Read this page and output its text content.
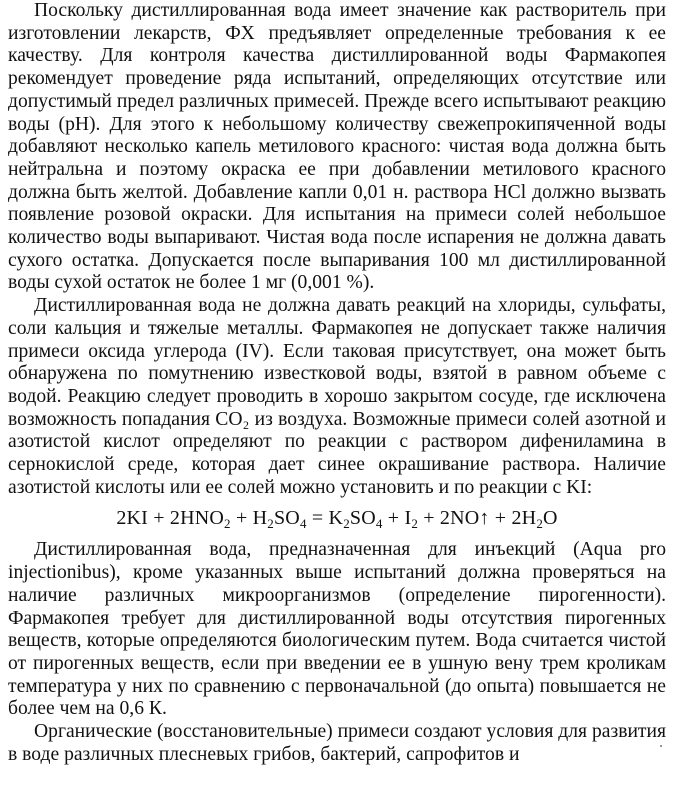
Поскольку дистиллированная вода имеет значение как растворитель при изготовлении лекарств, ФХ предъявляет определенные требования к ее качеству. Для контроля качества дистиллированной воды Фармакопея рекомендует проведение ряда испытаний, определяющих отсутствие или допустимый предел различных примесей. Прежде всего испытывают реакцию воды (pH). Для этого к небольшому количеству свежепрокипяченной воды добавляют несколько капель метилового красного: чистая вода должна быть нейтральна и поэтому окраска ее при добавлении метилового красного должна быть желтой. Добавление капли 0,01 н. раствора HCl должно вызвать появление розовой окраски. Для испытания на примеси солей небольшое количество воды выпаривают. Чистая вода после испарения не должна давать сухого остатка. Допускается после выпаривания 100 мл дистиллированной воды сухой остаток не более 1 мг (0,001 %).

Дистиллированная вода не должна давать реакций на хлориды, сульфаты, соли кальция и тяжелые металлы. Фармакопея не допускает также наличия примеси оксида углерода (IV). Если таковая присутствует, она может быть обнаружена по помутнению известковой воды, взятой в равном объеме с водой. Реакцию следует проводить в хорошо закрытом сосуде, где исключена возможность попадания CO₂ из воздуха. Возможные примеси солей азотной и азотистой кислот определяют по реакции с раствором дифениламина в сернокислой среде, которая дает синее окрашивание раствора. Наличие азотистой кислоты или ее солей можно установить и по реакции с KI:

$2KI + 2HNO_2 + H_2SO_4 = K_2SO_4 + I_2$ + 2NO↑ + $2H_2O$

Дистиллированная вода, предназначенная для инъекций (Aqua pro injectionibus), кроме указанных выше испытаний должна проверяться на наличие различных микроорганизмов (определение пирогенности). Фармакопея требует для дистиллированной воды отсутствия пирогенных веществ, которые определяются биологическим путем. Вода считается чистой от пирогенных веществ, если при введении ее в ушную вену трем кроликам температура у них по сравнению с первоначальной (до опыта) повышается не более чем на 0,6 К.

Органические (восстановительные) примеси создают условия для развития в воде различных плесневых грибов, бактерий, сапрофитов и
